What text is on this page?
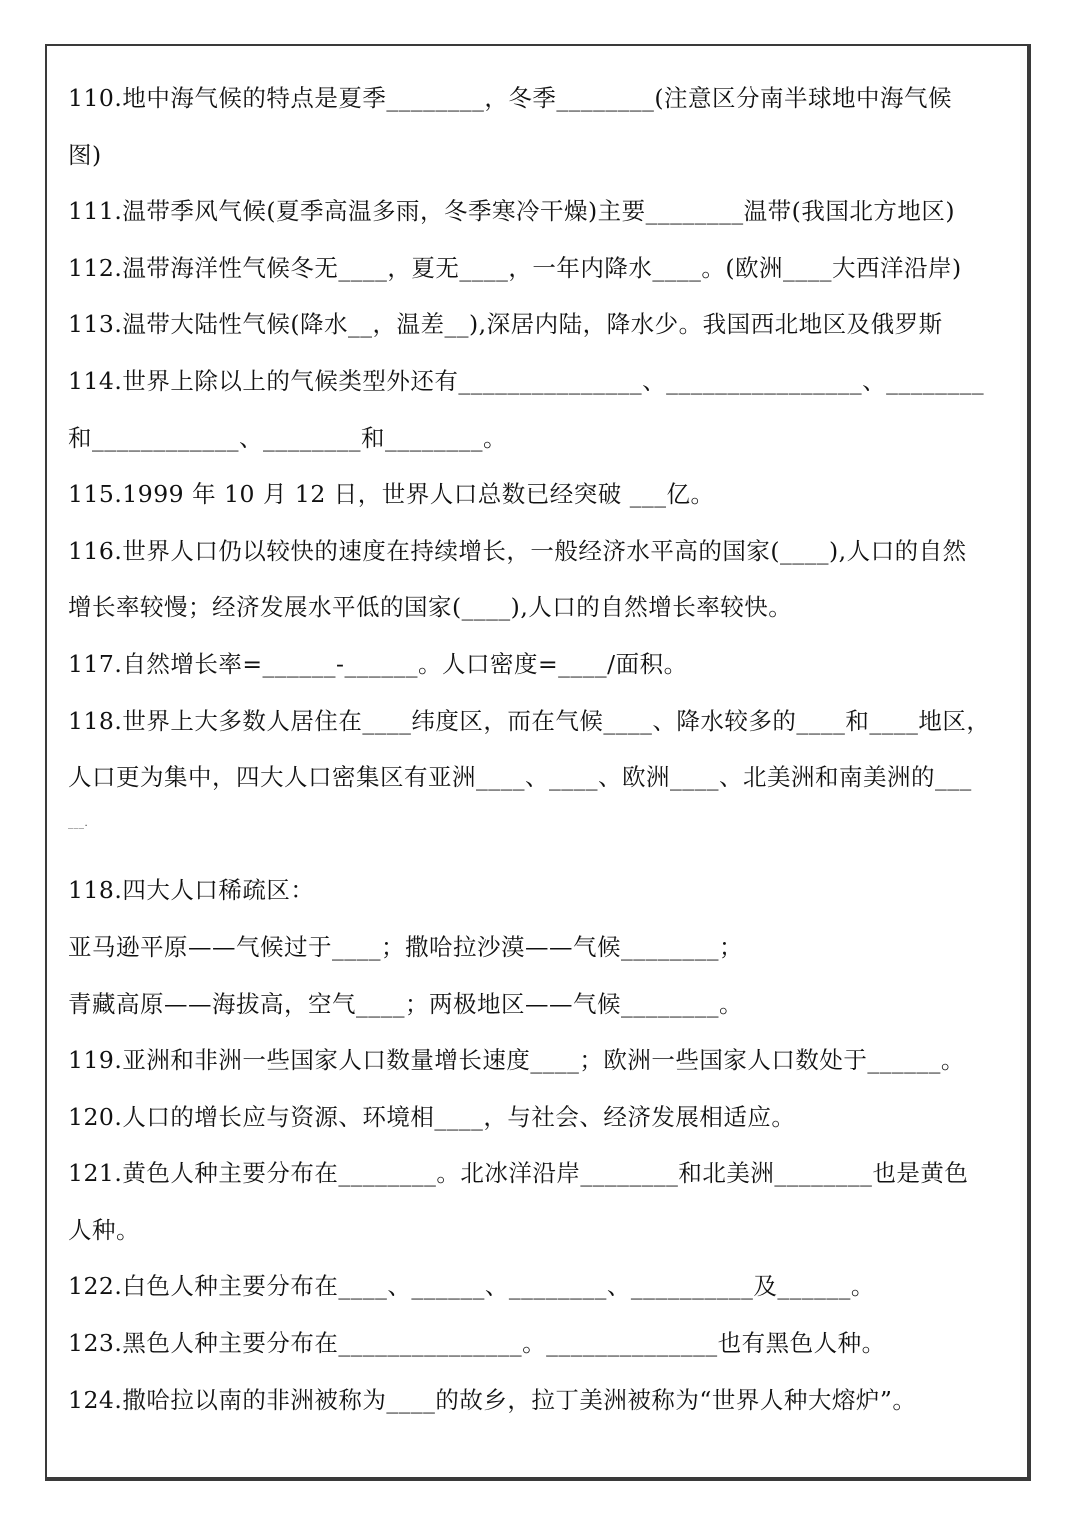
110.地中海气候的特点是夏季________，冬季________(注意区分南半球地中海气候
图)
111.温带季风气候(夏季高温多雨，冬季寒冷干燥)主要________温带(我国北方地区)
112.温带海洋性气候冬无____，夏无____，一年内降水____。(欧洲____大西洋沿岸)
113.温带大陆性气候(降水__，温差__),深居内陆，降水少。我国西北地区及俄罗斯
114.世界上除以上的气候类型外还有_______________、________________、________
和____________、________和________。
115.1999 年 10 月 12 日，世界人口总数已经突破 ___亿。
116.世界人口仍以较快的速度在持续增长，一般经济水平高的国家(____),人口的自然
增长率较慢；经济发展水平低的国家(____),人口的自然增长率较快。
117.自然增长率=______-______。人口密度=____/面积。
118.世界上大多数人居住在____纬度区，而在气候____、降水较多的____和____地区，
人口更为集中，四大人口密集区有亚洲____、____、欧洲____、北美洲和南美洲的___
___.
118.四大人口稀疏区：
亚马逊平原——气候过于____；撒哈拉沙漠——气候________；
青藏高原——海拔高，空气____；两极地区——气候________。
119.亚洲和非洲一些国家人口数量增长速度____；欧洲一些国家人口数处于______。
120.人口的增长应与资源、环境相____，与社会、经济发展相适应。
121.黄色人种主要分布在________。北冰洋沿岸________和北美洲________也是黄色
人种。
122.白色人种主要分布在____、______、________、__________及______。
123.黑色人种主要分布在_______________。______________也有黑色人种。
124.撒哈拉以南的非洲被称为____的故乡，拉丁美洲被称为“世界人种大熔炉”。
